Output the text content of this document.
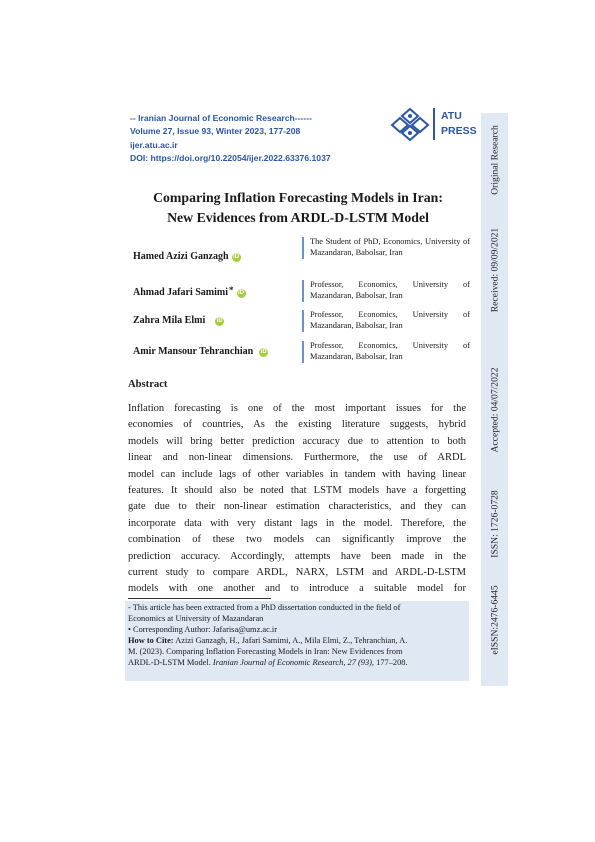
-- Iranian Journal of Economic Research------
Volume 27, Issue 93, Winter 2023, 177-208
ijer.atu.ac.ir
DOI: https://doi.org/10.22054/ijer.2022.63376.1037
ATU
PRESS Original Research
Received: 09/09/2021
Accepted: 04/07/2022
ISSN: 1726-0728
eISSN:2476-6445
Comparing Inflation Forecasting Models in Iran:
New Evidences from ARDL-D-LSTM Model
Hamed Azizi Ganzagh iD
The Student of PhD, Economics, University of Mazandaran, Babolsar, Iran
Ahmad Jafari Samimi* iD
Professor, Economics, University of Mazandaran, Babolsar, Iran
Zahra Mila Elmi iD
Professor, Economics, University of Mazandaran, Babolsar, Iran
Amir Mansour Tehranchian iD
Professor, Economics, University of Mazandaran, Babolsar, Iran
Abstract
Inflation forecasting is one of the most important issues for the
economies of countries, As the existing literature suggests, hybrid
models will bring better prediction accuracy due to attention to both
linear and non-linear dimensions. Furthermore, the use of ARDL
model can include lags of other variables in tandem with having linear
features. It should also be noted that LSTM models have a forgetting
gate due to their non-linear estimation characteristics, and they can
incorporate data with very distant lags in the model. Therefore, the
combination of these two models can significantly improve the
prediction accuracy. Accordingly, attempts have been made in the
current study to compare ARDL, NARX, LSTM and ARDL-D-LSTM
models with one another and to introduce a suitable model for
- This article has been extracted from a PhD dissertation conducted in the field of
Economics at University of Mazandaran
• Corresponding Author: Jafarisa@umz.ac.ir
How to Cite: Azizi Ganzagh, H., Jafari Samimi, A., Mila Elmi, Z., Tehranchian, A.
M. (2023). Comparing Inflation Forecasting Models in Iran: New Evidences from
ARDL-D-LSTM Model. Iranian Journal of Economic Research, 27 (93), 177–208.
